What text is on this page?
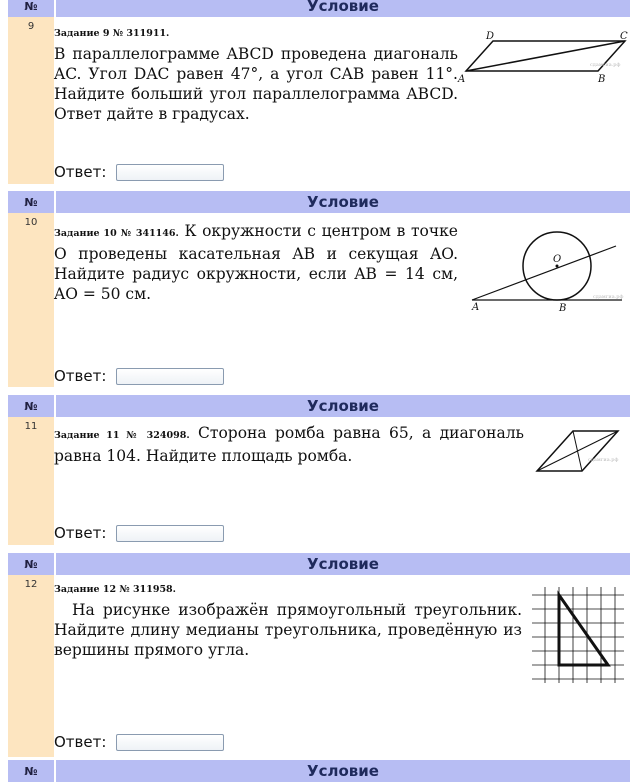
№	Условие
9
Задание 9 № 311911.
В параллелограмме ABCD проведена диагональ AC. Угол DAC равен 47°, а угол CAB равен 11°. Найдите больший угол параллелограмма ABCD. Ответ дайте в градусах.
Ответ:
D	C
A	B
сдамгиа.рф
№	Условие
10
Задание 10 № 341146. К окружности с центром в точке O проведены касательная AB и секущая AO. Найдите радиус окружности, если AB = 14 см, AO = 50 см.
Ответ:
O
A	B
сдамгиа.рф
№	Условие
11
Задание 11 № 324098. Сторона ромба равна 65, а диагональ равна 104. Найдите площадь ромба.
Ответ:
сдамгиа.рф
№	Условие
12	Задание 12 № 311958.
На рисунке изображён прямоугольный треугольник. Найдите длину медианы треугольника, проведённую из вершины прямого угла.
Ответ:
№	Условие
